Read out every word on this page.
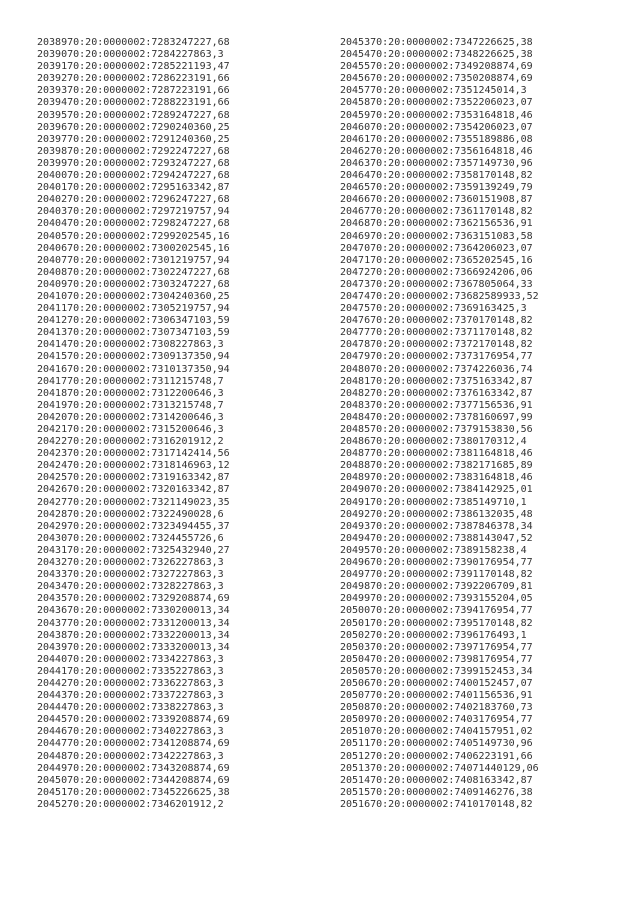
2038970:20:0000002:7283247227,68
2039070:20:0000002:7284227863,3
2039170:20:0000002:7285221193,47
2039270:20:0000002:7286223191,66
2039370:20:0000002:7287223191,66
2039470:20:0000002:7288223191,66
2039570:20:0000002:7289247227,68
2039670:20:0000002:7290240360,25
2039770:20:0000002:7291240360,25
2039870:20:0000002:7292247227,68
2039970:20:0000002:7293247227,68
2040070:20:0000002:7294247227,68
2040170:20:0000002:7295163342,87
2040270:20:0000002:7296247227,68
2040370:20:0000002:7297219757,94
2040470:20:0000002:7298247227,68
2040570:20:0000002:7299202545,16
2040670:20:0000002:7300202545,16
2040770:20:0000002:7301219757,94
2040870:20:0000002:7302247227,68
2040970:20:0000002:7303247227,68
2041070:20:0000002:7304240360,25
2041170:20:0000002:7305219757,94
2041270:20:0000002:7306347103,59
2041370:20:0000002:7307347103,59
2041470:20:0000002:7308227863,3
2041570:20:0000002:7309137350,94
2041670:20:0000002:7310137350,94
2041770:20:0000002:7311215748,7
2041870:20:0000002:7312200646,3
2041970:20:0000002:7313215748,7
2042070:20:0000002:7314200646,3
2042170:20:0000002:7315200646,3
2042270:20:0000002:7316201912,2
2042370:20:0000002:7317142414,56
2042470:20:0000002:7318146963,12
2042570:20:0000002:7319163342,87
2042670:20:0000002:7320163342,87
2042770:20:0000002:7321149023,35
2042870:20:0000002:7322490028,6
2042970:20:0000002:7323494455,37
2043070:20:0000002:7324455726,6
2043170:20:0000002:7325432940,27
2043270:20:0000002:7326227863,3
2043370:20:0000002:7327227863,3
2043470:20:0000002:7328227863,3
2043570:20:0000002:7329208874,69
2043670:20:0000002:7330200013,34
2043770:20:0000002:7331200013,34
2043870:20:0000002:7332200013,34
2043970:20:0000002:7333200013,34
2044070:20:0000002:7334227863,3
2044170:20:0000002:7335227863,3
2044270:20:0000002:7336227863,3
2044370:20:0000002:7337227863,3
2044470:20:0000002:7338227863,3
2044570:20:0000002:7339208874,69
2044670:20:0000002:7340227863,3
2044770:20:0000002:7341208874,69
2044870:20:0000002:7342227863,3
2044970:20:0000002:7343208874,69
2045070:20:0000002:7344208874,69
2045170:20:0000002:7345226625,38
2045270:20:0000002:7346201912,2
2045370:20:0000002:7347226625,38
2045470:20:0000002:7348226625,38
2045570:20:0000002:7349208874,69
2045670:20:0000002:7350208874,69
2045770:20:0000002:7351245014,3
2045870:20:0000002:7352206023,07
2045970:20:0000002:7353164818,46
2046070:20:0000002:7354206023,07
2046170:20:0000002:7355189886,08
2046270:20:0000002:7356164818,46
2046370:20:0000002:7357149730,96
2046470:20:0000002:7358170148,82
2046570:20:0000002:7359139249,79
2046670:20:0000002:7360151908,87
2046770:20:0000002:7361170148,82
2046870:20:0000002:7362156536,91
2046970:20:0000002:7363151083,58
2047070:20:0000002:7364206023,07
2047170:20:0000002:7365202545,16
2047270:20:0000002:7366924206,06
2047370:20:0000002:7367805064,33
2047470:20:0000002:73682589933,52
2047570:20:0000002:7369163425,3
2047670:20:0000002:7370170148,82
2047770:20:0000002:7371170148,82
2047870:20:0000002:7372170148,82
2047970:20:0000002:7373176954,77
2048070:20:0000002:7374226036,74
2048170:20:0000002:7375163342,87
2048270:20:0000002:7376163342,87
2048370:20:0000002:7377156536,91
2048470:20:0000002:7378160697,99
2048570:20:0000002:7379153830,56
2048670:20:0000002:7380170312,4
2048770:20:0000002:7381164818,46
2048870:20:0000002:7382171685,89
2048970:20:0000002:7383164818,46
2049070:20:0000002:7384142925,01
2049170:20:0000002:7385149710,1
2049270:20:0000002:7386132035,48
2049370:20:0000002:7387846378,34
2049470:20:0000002:7388143047,52
2049570:20:0000002:7389158238,4
2049670:20:0000002:7390176954,77
2049770:20:0000002:7391170148,82
2049870:20:0000002:7392206709,81
2049970:20:0000002:7393155204,05
2050070:20:0000002:7394176954,77
2050170:20:0000002:7395170148,82
2050270:20:0000002:7396176493,1
2050370:20:0000002:7397176954,77
2050470:20:0000002:7398176954,77
2050570:20:0000002:7399152453,34
2050670:20:0000002:7400152457,07
2050770:20:0000002:7401156536,91
2050870:20:0000002:7402183760,73
2050970:20:0000002:7403176954,77
2051070:20:0000002:7404157951,02
2051170:20:0000002:7405149730,96
2051270:20:0000002:7406223191,66
2051370:20:0000002:74071440129,06
2051470:20:0000002:7408163342,87
2051570:20:0000002:7409146276,38
2051670:20:0000002:7410170148,82
